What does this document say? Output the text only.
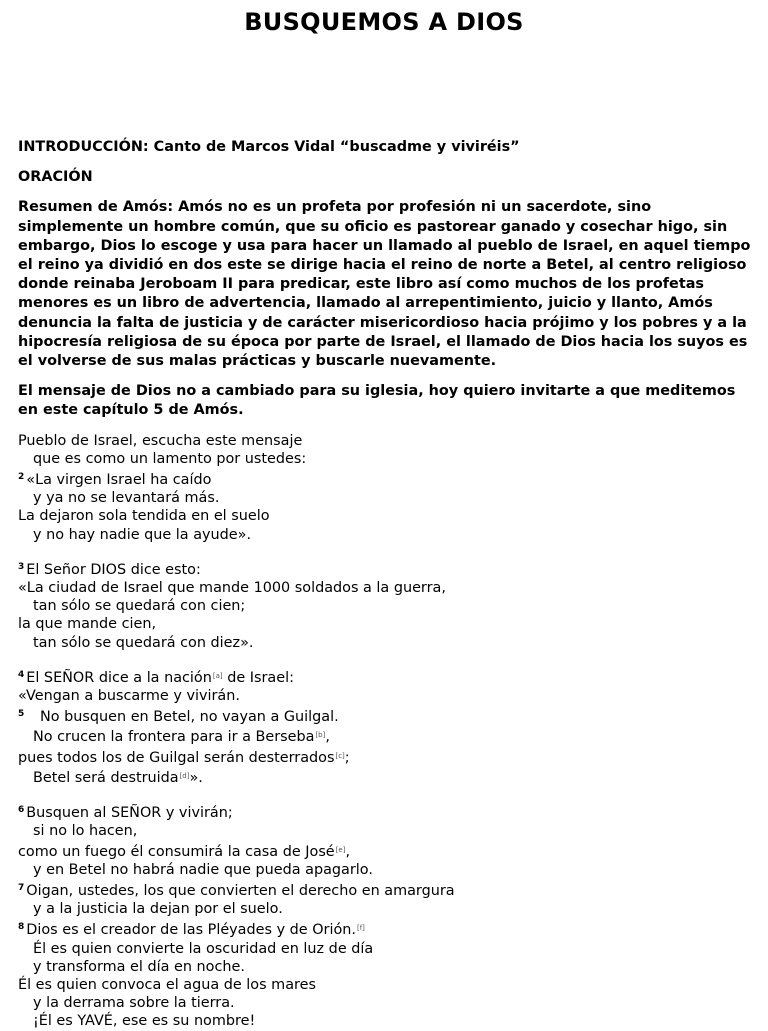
BUSQUEMOS A DIOS

INTRODUCCIÓN: Canto de Marcos Vidal “buscadme y viviréis”

ORACIÓN

Resumen de Amós: Amós no es un profeta por profesión ni un sacerdote, sino simplemente un hombre común, que su oficio es pastorear ganado y cosechar higo, sin embargo, Dios lo escoge y usa para hacer un llamado al pueblo de Israel, en aquel tiempo el reino ya dividió en dos este se dirige hacia el reino de norte a Betel, al centro religioso donde reinaba Jeroboam II para predicar, este libro así como muchos de los profetas menores es un libro de advertencia, llamado al arrepentimiento, juicio y llanto, Amós denuncia la falta de justicia y de carácter misericordioso hacia prójimo y los pobres y a la hipocresía religiosa de su época por parte de Israel, el llamado de Dios hacia los suyos es el volverse de sus malas prácticas y buscarle nuevamente.

El mensaje de Dios no a cambiado para su iglesia, hoy quiero invitarte a que meditemos en este capítulo 5 de Amós.

Pueblo de Israel, escucha este mensaje
que es como un lamento por ustedes:
$^2$ «La virgen Israel ha caído
y ya no se levantará más.
La dejaron sola tendida en el suelo
y no hay nadie que la ayude».
$^3$ El Señor DIOS dice esto:
«La ciudad de Israel que mande 1000 soldados a la guerra,
tan sólo se quedará con cien;
la que mande cien,
tan sólo se quedará con diez».
$^4$ El SEÑOR dice a la nación[a] de Israel:
«Vengan a buscarme y vivirán.
$^5$   No busquen en Betel, no vayan a Guilgal.
No crucen la frontera para ir a Berseba[b],
pues todos los de Guilgal serán desterrados[c];
Betel será destruida[d]».
$^6$ Busquen al SEÑOR y vivirán;
si no lo hacen,
como un fuego él consumirá la casa de José[e],
y en Betel no habrá nadie que pueda apagarlo.
$^7$ Oigan, ustedes, los que convierten el derecho en amargura
y a la justicia la dejan por el suelo.
$^8$ Dios es el creador de las Pléyades y de Orión.[f]
Él es quien convierte la oscuridad en luz de día
y transforma el día en noche.
Él es quien convoca el agua de los mares
y la derrama sobre la tierra.
¡Él es YAVÉ, ese es su nombre!
